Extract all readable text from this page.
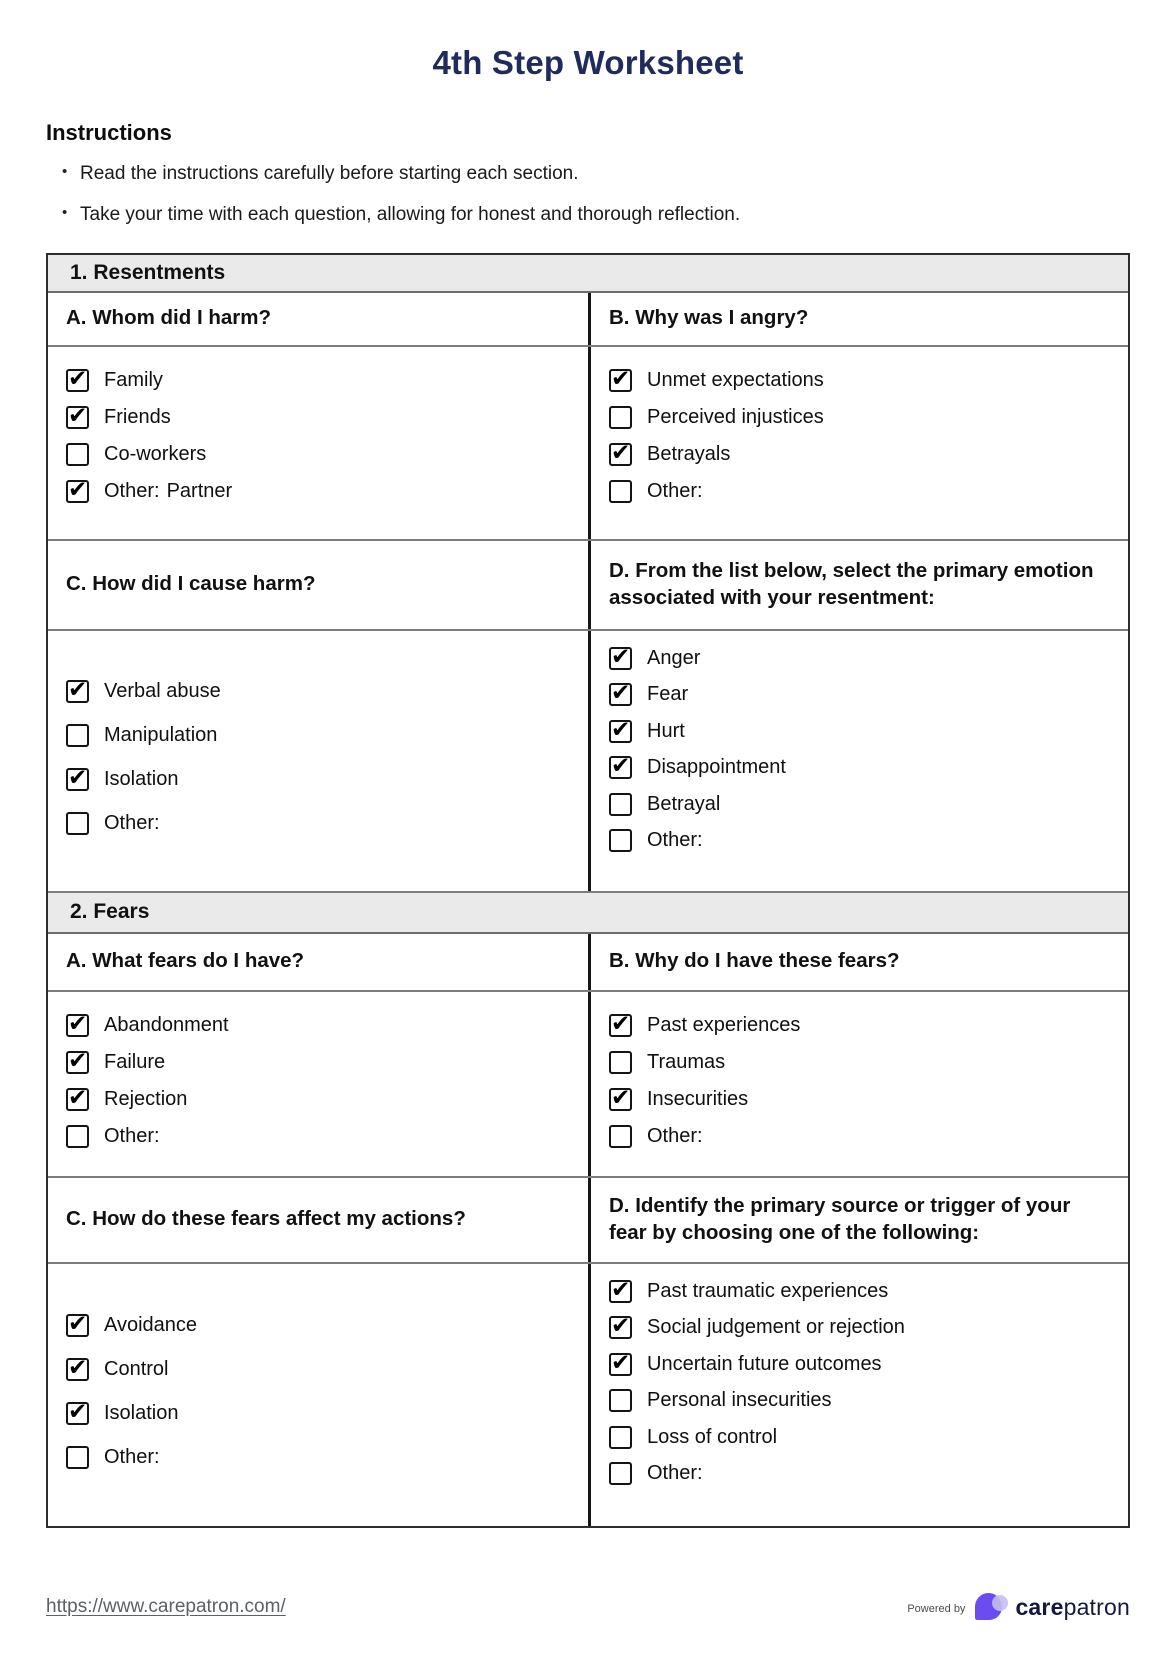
4th Step Worksheet
Instructions
• Read the instructions carefully before starting each section.
• Take your time with each question, allowing for honest and thorough reflection.
1. Resentments
A. Whom did I harm?	B. Why was I angry?
✔
Family
✔
Friends
Co-workers
✔
Other: Partner
✔
Unmet expectations
Perceived injustices
✔
Betrayals
Other:
C. How did I cause harm?
D. From the list below, select the primary emotion associated with your resentment:
✔
Verbal abuse
Manipulation
✔
Isolation
Other:
✔
Anger
✔
Fear
✔
Hurt
✔
Disappointment
Betrayal
Other:
2. Fears
A. What fears do I have?	B. Why do I have these fears?
✔
Abandonment
✔
Failure
✔
Rejection
Other:
✔
Past experiences
Traumas
✔
Insecurities
Other:
C. How do these fears affect my actions?
D. Identify the primary source or trigger of your fear by choosing one of the following:
✔
Avoidance
✔
Control
✔
Isolation
Other:
✔
Past traumatic experiences
✔
Social judgement or rejection
✔
Uncertain future outcomes
Personal insecurities
Loss of control
Other:
https://www.carepatron.com/	Powered by carepatron
